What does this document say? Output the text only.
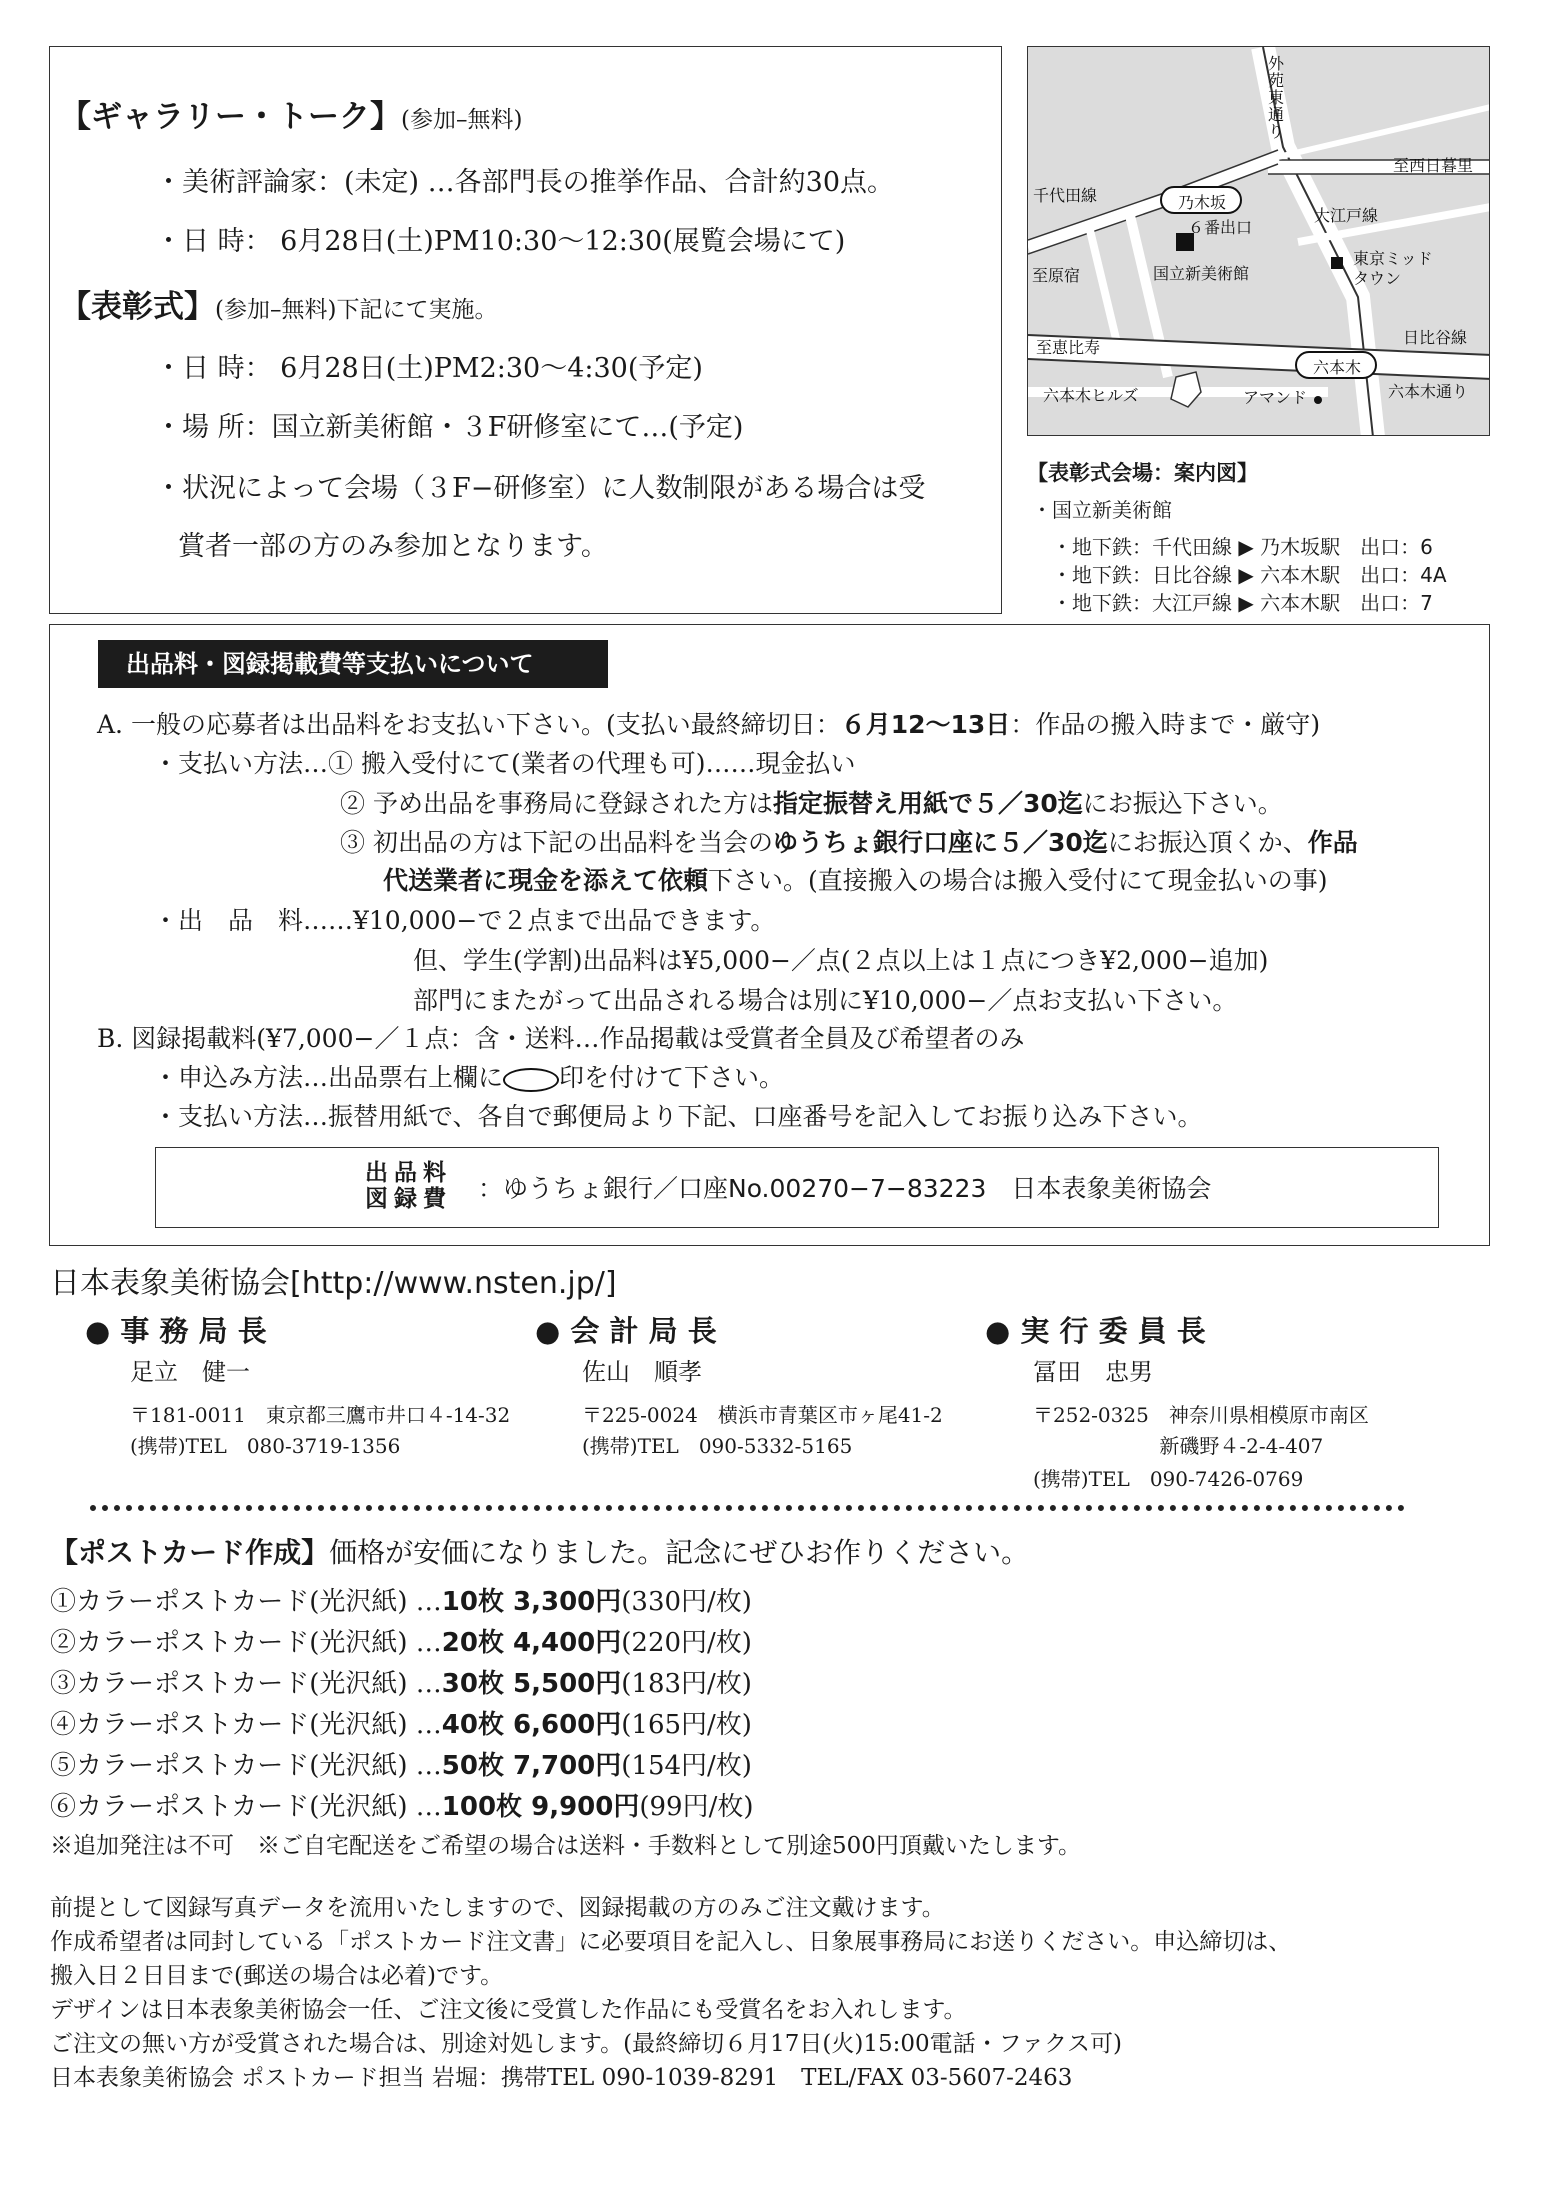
【ギャラリー・トーク】(参加–無料)
・美術評論家：(未定) …各部門長の推挙作品、合計約30点。
・日 時： 6月28日(土)PM10:30〜12:30(展覧会場にて)
【表彰式】(参加–無料)下記にて実施。
・日 時： 6月28日(土)PM2:30〜4:30(予定)
・場 所：国立新美術館・３F研修室にて…(予定)
・状況によって会場（３F−研修室）に人数制限がある場合は受
賞者一部の方のみ参加となります。
外苑東通り
至西日暮里
千代田線	乃木坂
６番出口
大江戸線
至原宿	国立新美術館
東京ミッド
タウン
至恵比寿
日比谷線
六本木
六本木ヒルズ	アマンド	六本木通り
【表彰式会場：案内図】
・国立新美術館
・地下鉄：千代田線 ▶ 乃木坂駅　出口：6
・地下鉄：日比谷線 ▶ 六本木駅　出口：4A
・地下鉄：大江戸線 ▶ 六本木駅　出口：7
出品料・図録掲載費等支払いについて
A. 一般の応募者は出品料をお支払い下さい。(支払い最終締切日：６月12〜13日：作品の搬入時まで・厳守)
・支払い方法…① 搬入受付にて(業者の代理も可)……現金払い
② 予め出品を事務局に登録された方は指定振替え用紙で５／30迄にお振込下さい。
③ 初出品の方は下記の出品料を当会のゆうちょ銀行口座に５／30迄にお振込頂くか、作品
代送業者に現金を添えて依頼下さい。(直接搬入の場合は搬入受付にて現金払いの事)
・出　品　料……¥10,000−で２点まで出品できます。
但、学生(学割)出品料は¥5,000−／点(２点以上は１点につき¥2,000−追加)
部門にまたがって出品される場合は別に¥10,000−／点お支払い下さい。
B. 図録掲載料(¥7,000−／１点：含・送料…作品掲載は受賞者全員及び希望者のみ
・申込み方法…出品票右上欄に○印を付けて下さい。
・支払い方法…振替用紙で、各自で郵便局より下記、口座番号を記入してお振り込み下さい。
出品料
図録費 ：ゆうちょ銀行／口座No.00270−7−83223　日本表象美術協会
日本表象美術協会[http://www.nsten.jp/]
● 事 務 局 長
足立　健一
〒181-0011　東京都三鷹市井口４-14-32
(携帯)TEL　080-3719-1356
● 会 計 局 長
佐山　順孝
〒225-0024　横浜市青葉区市ヶ尾41-2
(携帯)TEL　090-5332-5165
● 実 行 委 員 長
冨田　忠男
〒252-0325　神奈川県相模原市南区
　　　　　　 新磯野４-2-4-407
(携帯)TEL　090-7426-0769
【ポストカード作成】価格が安価になりました。記念にぜひお作りください。
①カラーポストカード(光沢紙) …10枚 3,300円(330円/枚)
②カラーポストカード(光沢紙) …20枚 4,400円(220円/枚)
③カラーポストカード(光沢紙) …30枚 5,500円(183円/枚)
④カラーポストカード(光沢紙) …40枚 6,600円(165円/枚)
⑤カラーポストカード(光沢紙) …50枚 7,700円(154円/枚)
⑥カラーポストカード(光沢紙) …100枚 9,900円(99円/枚)
※追加発注は不可　※ご自宅配送をご希望の場合は送料・手数料として別途500円頂戴いたします。
前提として図録写真データを流用いたしますので、図録掲載の方のみご注文戴けます。
作成希望者は同封している「ポストカード注文書」に必要項目を記入し、日象展事務局にお送りください。申込締切は、
搬入日２日目まで(郵送の場合は必着)です。
デザインは日本表象美術協会一任、ご注文後に受賞した作品にも受賞名をお入れします。
ご注文の無い方が受賞された場合は、別途対処します。(最終締切６月17日(火)15:00電話・ファクス可)
日本表象美術協会 ポストカード担当 岩堀：携帯TEL 090-1039-8291　TEL/FAX 03-5607-2463
